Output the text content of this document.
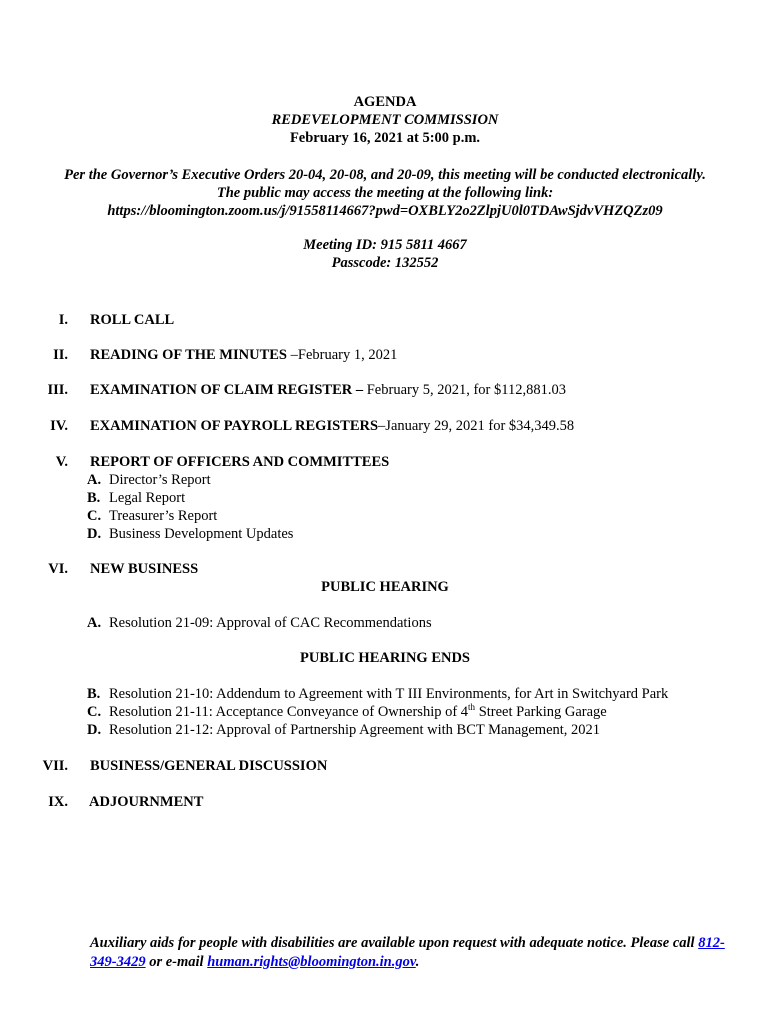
AGENDA
REDEVELOPMENT COMMISSION
February 16, 2021 at 5:00 p.m.
Per the Governor’s Executive Orders 20-04, 20-08, and 20-09, this meeting will be conducted electronically.
The public may access the meeting at the following link:
https://bloomington.zoom.us/j/91558114667?pwd=OXBLY2o2ZlpjU0l0TDAwSjdvVHZQZz09
Meeting ID: 915 5811 4667
Passcode: 132552
I. ROLL CALL
II. READING OF THE MINUTES –February 1, 2021
III. EXAMINATION OF CLAIM REGISTER – February 5, 2021, for $112,881.03
IV. EXAMINATION OF PAYROLL REGISTERS–January 29, 2021 for $34,349.58
V. REPORT OF OFFICERS AND COMMITTEES
A. Director’s Report
B. Legal Report
C. Treasurer’s Report
D. Business Development Updates
VI. NEW BUSINESS
PUBLIC HEARING
A. Resolution 21-09: Approval of CAC Recommendations
PUBLIC HEARING ENDS
B. Resolution 21-10: Addendum to Agreement with T III Environments, for Art in Switchyard Park
C. Resolution 21-11: Acceptance Conveyance of Ownership of 4th Street Parking Garage
D. Resolution 21-12: Approval of Partnership Agreement with BCT Management, 2021
VII. BUSINESS/GENERAL DISCUSSION
IX. ADJOURNMENT
Auxiliary aids for people with disabilities are available upon request with adequate notice. Please call 812-349-3429 or e-mail human.rights@bloomington.in.gov.
